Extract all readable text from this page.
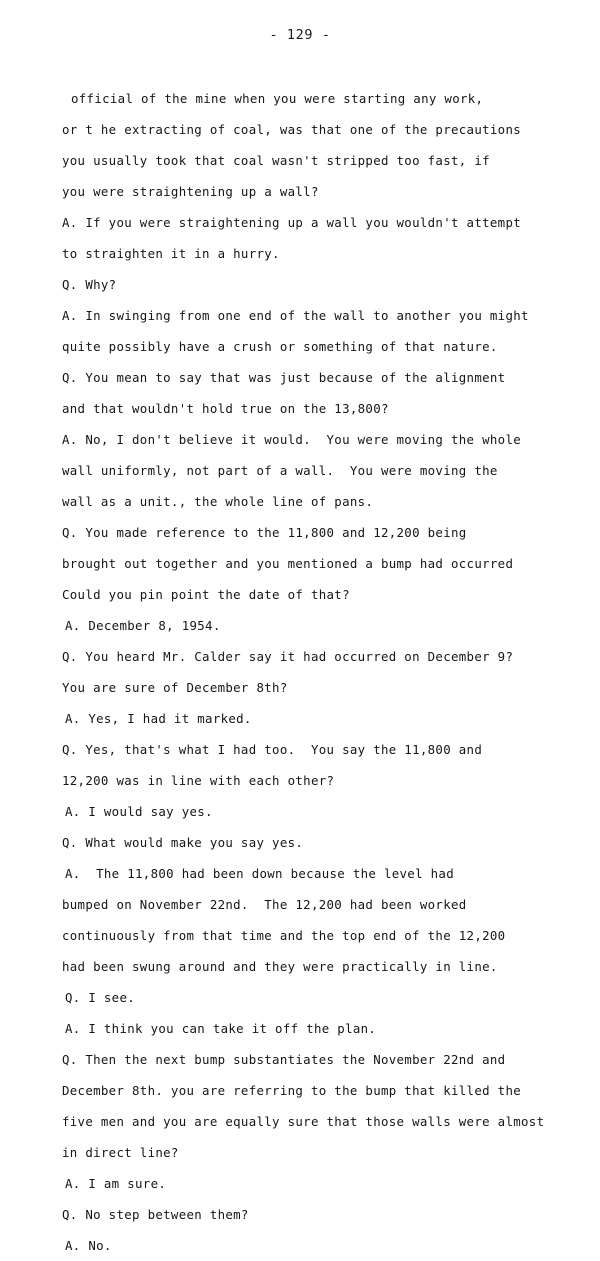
- 129 -
official of the mine when you were starting any work,
or t he extracting of coal, was that one of the precautions
you usually took that coal wasn't stripped too fast, if
you were straightening up a wall?
A. If you were straightening up a wall you wouldn't attempt
to straighten it in a hurry.
Q. Why?
A. In swinging from one end of the wall to another you might
quite possibly have a crush or something of that nature.
Q. You mean to say that was just because of the alignment
and that wouldn't hold true on the 13,800?
A. No, I don't believe it would.  You were moving the whole
wall uniformly, not part of a wall.  You were moving the
wall as a unit., the whole line of pans.
Q. You made reference to the 11,800 and 12,200 being
brought out together and you mentioned a bump had occurred
Could you pin point the date of that?
A. December 8, 1954.
Q. You heard Mr. Calder say it had occurred on December 9?
You are sure of December 8th?
A. Yes, I had it marked.
Q. Yes, that's what I had too.  You say the 11,800 and
12,200 was in line with each other?
A. I would say yes.
Q. What would make you say yes.
A.  The 11,800 had been down because the level had
bumped on November 22nd.  The 12,200 had been worked
continuously from that time and the top end of the 12,200
had been swung around and they were practically in line.
Q. I see.
A. I think you can take it off the plan.
Q. Then the next bump substantiates the November 22nd and
December 8th. you are referring to the bump that killed the
five men and you are equally sure that those walls were almost
in direct line?
A. I am sure.
Q. No step between them?
A. No.
